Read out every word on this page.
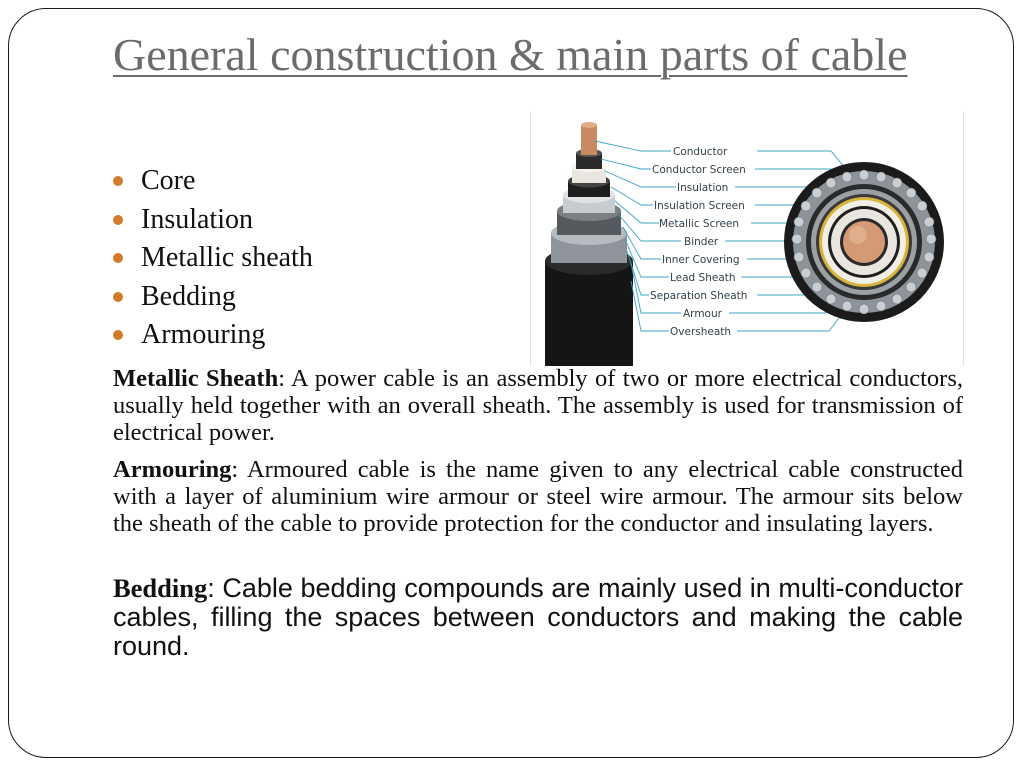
General construction & main parts of cable
Core
Insulation
Metallic sheath
Bedding
Armouring
Conductor
Conductor Screen
Insulation
Insulation Screen
Metallic Screen
Binder
Inner Covering
Lead Sheath
Separation Sheath
Armour
Oversheath

Metallic Sheath: A power cable is an assembly of two or more electrical conductors, usually held together with an overall sheath. The assembly is used for transmission of electrical power.

Armouring: Armoured cable is the name given to any electrical cable constructed with a layer of aluminium wire armour or steel wire armour. The armour sits below the sheath of the cable to provide protection for the conductor and insulating layers.

Bedding: Cable bedding compounds are mainly used in multi-conductor cables, filling the spaces between conductors and making the cable round.
